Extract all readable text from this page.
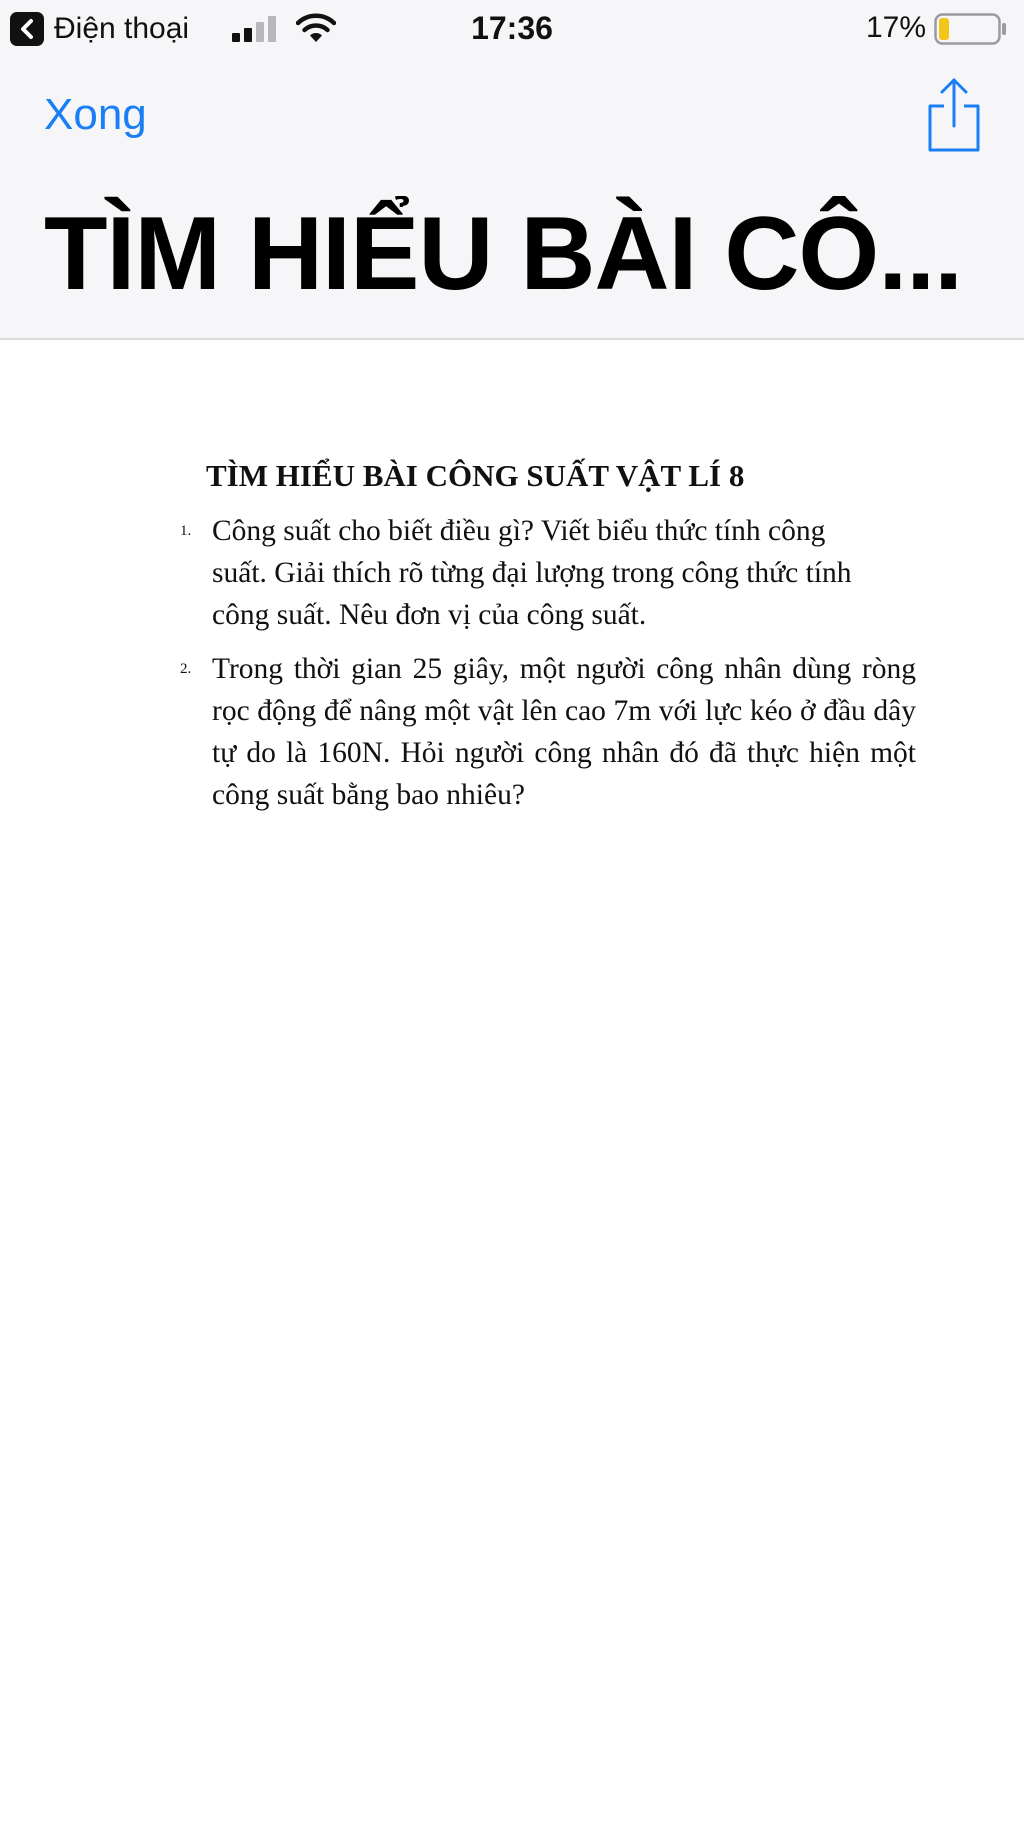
Điện thoại	17:36	17%
Xong
TÌM HIỂU BÀI CÔ...
TÌM HIỂU BÀI CÔNG SUẤT VẬT LÍ 8
1. Công suất cho biết điều gì? Viết biểu thức tính công suất. Giải thích rõ từng đại lượng trong công thức tính công suất. Nêu đơn vị của công suất.
2. Trong thời gian 25 giây, một người công nhân dùng ròng rọc động để nâng một vật lên cao 7m với lực kéo ở đầu dây tự do là 160N. Hỏi người công nhân đó đã thực hiện một công suất bằng bao nhiêu?
